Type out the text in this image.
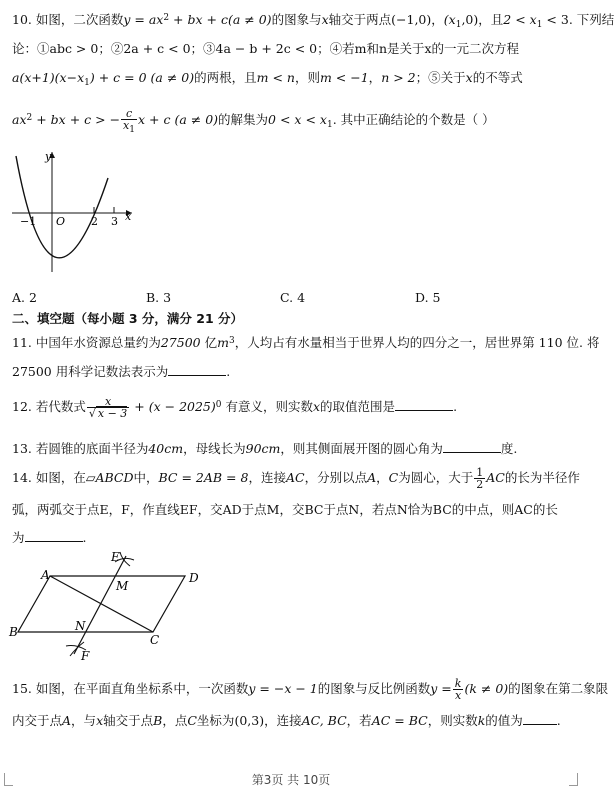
10. 如图，二次函数$y = ax^2$ + bx + c(a ≠ 0)的图象与x轴交于两点(−1,0)，$(x_1,0)$，且$2 < x_1 < 3$. 下列结
论：①abc > 0；②2a + c < 0；③4a − b + 2c < 0；④若m和n是关于x的一元二次方程
$a(x+1)(x-x_1) + c = 0$ (a ≠ 0)的两根，且m < n，则m < −1，n > 2；⑤关于x的不等式
$ax^2$ + bx + c > − $\frac{c}{x_1}$ x + c (a ≠ 0)的解集为$0 < x < x_1$. 其中正确结论的个数是（ ）
y
x
O
−1	2 3
A. 2	B. 3	C. 4	D. 5
二、填空题（每小题 3 分，满分 21 分）
11. 中国年水资源总量约为27500 亿$m^3$，人均占有水量相当于世界人均的四分之一，居世界第 110 位. 将
27500 用科学记数法表示为	.
12. 若代数式 $\frac{x}{√ x - 3} + (x - 2025)^0$ 有意义，则实数x的取值范围是	.
13. 若圆锥的底面半径为40cm，母线长为90cm，则其侧面展开图的圆心角为	度.
14. 如图，在▱ABCD中，BC = 2AB = 8，连接AC，分别以点A，C为圆心，大于 $\frac{1}{2}$ AC的长为半径作
弧，两弧交于点E，F，作直线EF，交AD于点M，交BC于点N，若点N恰为BC的中点，则AC的长
为	.
A	D
B
C
E
F
M
N
15. 如图，在平面直角坐标系中，一次函数y = −x − 1的图象与反比例函数$y = \frac{k}{x} (k \ne 0)$的图象在第二象限
内交于点A，与x轴交于点B，点C坐标为(0,3)，连接AC, BC，若AC = BC，则实数k的值为	.
第3页 共 10页
